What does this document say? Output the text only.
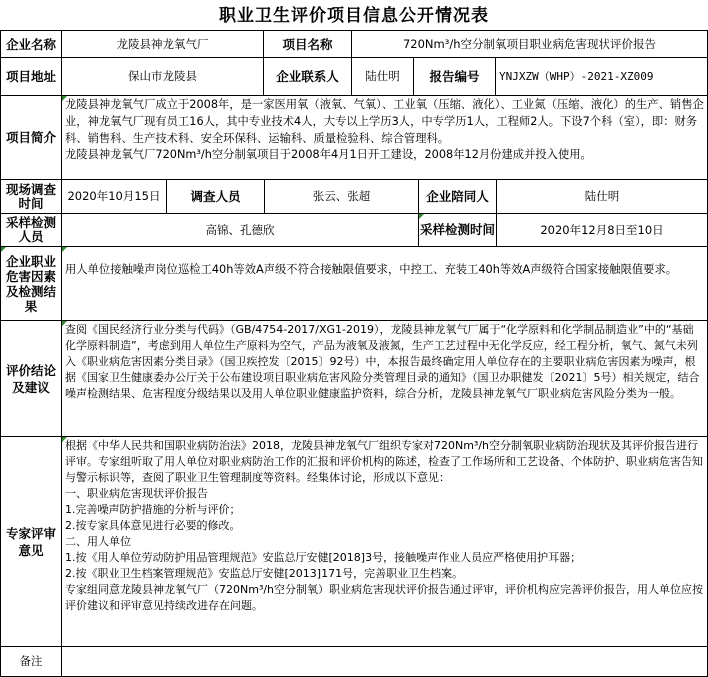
职业卫生评价项目信息公开情况表
企业名称	龙陵县神龙氧气厂	项目名称	720Nm³/h空分制氧项目职业病危害现状评价报告
项目地址	保山市龙陵县	企业联系人	陆仕明	报告编号	YNJXZW（WHP）-2021-XZ009
项目简介
龙陵县神龙氧气厂成立于2008年，是一家医用氧（液氧、气氧）、工业氧（压缩、液化）、工业氮（压缩、液化）的生产、销售企业，神龙氧气厂现有员工16人，其中专业技术4人，大专以上学历3人，中专学历1人，工程师2人。下设7个科（室），即：财务科、销售科、生产技术科、安全环保科、运输科、质量检验科、综合管理科。
龙陵县神龙氧气厂720Nm³/h空分制氧项目于2008年4月1日开工建设，2008年12月份建成并投入使用。
现场调查时间	2020年10月15日	调查人员	张云、张超	企业陪同人	陆仕明
采样检测人员	高锦、孔德欣	采样检测时间	2020年12月8日至10日
企业职业危害因素及检测结果
用人单位接触噪声岗位巡检工40h等效A声级不符合接触限值要求，中控工、充装工40h等效A声级符合国家接触限值要求。
评价结论及建议
查阅《国民经济行业分类与代码》（GB/4754-2017/XG1-2019），龙陵县神龙氧气厂属于“化学原料和化学制品制造业”中的“基础化学原料制造”，考虑到用人单位生产原料为空气，产品为液氧及液氮，生产工艺过程中无化学反应，经工程分析，氧气、氮气未列入《职业病危害因素分类目录》（国卫疾控发〔2015〕92号）中，本报告最终确定用人单位存在的主要职业病危害因素为噪声，根据《国家卫生健康委办公厅关于公布建设项目职业病危害风险分类管理目录的通知》（国卫办职健发〔2021〕5号）相关规定，结合噪声检测结果、危害程度分级结果以及用人单位职业健康监护资料，综合分析，龙陵县神龙氧气厂职业病危害风险分类为一般。
专家评审意见
根据《中华人民共和国职业病防治法》2018，龙陵县神龙氧气厂组织专家对720Nm³/h空分制氧职业病防治现状及其评价报告进行评审。专家组听取了用人单位对职业病防治工作的汇报和评价机构的陈述，检查了工作场所和工艺设备、个体防护、职业病危害告知与警示标识等，查阅了职业卫生管理制度等资料。经集体讨论，形成以下意见：
一、职业病危害现状评价报告
1.完善噪声防护措施的分析与评价；
2.按专家具体意见进行必要的修改。
二、用人单位
1.按《用人单位劳动防护用品管理规范》安监总厅安健[2018]3号，接触噪声作业人员应严格使用护耳器；
2.按《职业卫生档案管理规范》安监总厅安健[2013]171号，完善职业卫生档案。
专家组同意龙陵县神龙氧气厂（720Nm³/h空分制氧）职业病危害现状评价报告通过评审，评价机构应完善评价报告，用人单位应按评价建议和评审意见持续改进存在问题。
备注
